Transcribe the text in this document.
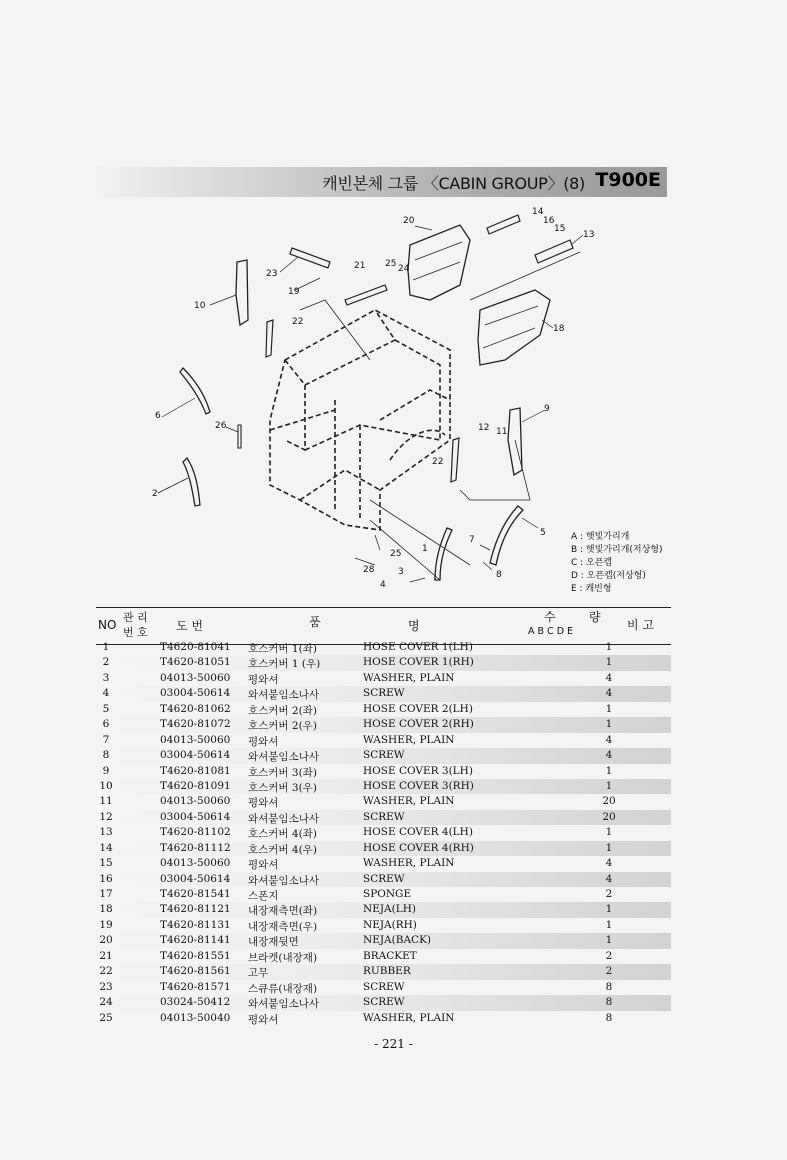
캐빈본체 그룹 〈CABIN GROUP〉(8) T900E
20
14
16
15
13
23
21 25 24
19
10
22
18
6
26
9
12 11
22
2
5
7
1
25
8
28	3
4
A : 햇빛가리개
B : 햇빛가리개(저상형)
C : 오픈캡
D : 오픈캡(저상형)
E : 캐빈형
NO
관 리
번 호 도 번	품	명
수	량
A B C D E	비 고
1	T4620-81041 호스커버 1(좌)	HOSE COVER 1(LH)	1
2	T4620-81051 호스커버 1 (우)	HOSE COVER 1(RH)	1
3	04013-50060 평와셔	WASHER, PLAIN	4
4	03004-50614 와셔붙임소나사	SCREW	4
5	T4620-81062 호스커버 2(좌)	HOSE COVER 2(LH)	1
6	T4620-81072 호스커버 2(우)	HOSE COVER 2(RH)	1
7	04013-50060 평와셔	WASHER, PLAIN	4
8	03004-50614 와셔붙임소나사	SCREW	4
9	T4620-81081 호스커버 3(좌)	HOSE COVER 3(LH)	1
10	T4620-81091 호스커버 3(우)	HOSE COVER 3(RH)	1
11	04013-50060 평와셔	WASHER, PLAIN	20
12	03004-50614 와셔붙임소나사	SCREW	20
13	T4620-81102 호스커버 4(좌)	HOSE COVER 4(LH)	1
14	T4620-81112 호스커버 4(우)	HOSE COVER 4(RH)	1
15	04013-50060 평와셔	WASHER, PLAIN	4
16	03004-50614 와셔붙임소나사	SCREW	4
17	T4620-81541 스폰지	SPONGE	2
18	T4620-81121 내장재측면(좌)	NEJA(LH)	1
19	T4620-81131 내장재측면(우)	NEJA(RH)	1
20	T4620-81141 내장재뒷면	NEJA(BACK)	1
21	T4620-81551 브라켓(내장재)	BRACKET	2
22	T4620-81561 고무	RUBBER	2
23	T4620-81571 스큐류(내장재)	SCREW	8
24	03024-50412 와셔붙임소나사	SCREW	8
25	04013-50040 평와셔	WASHER, PLAIN	8
- 221 -
